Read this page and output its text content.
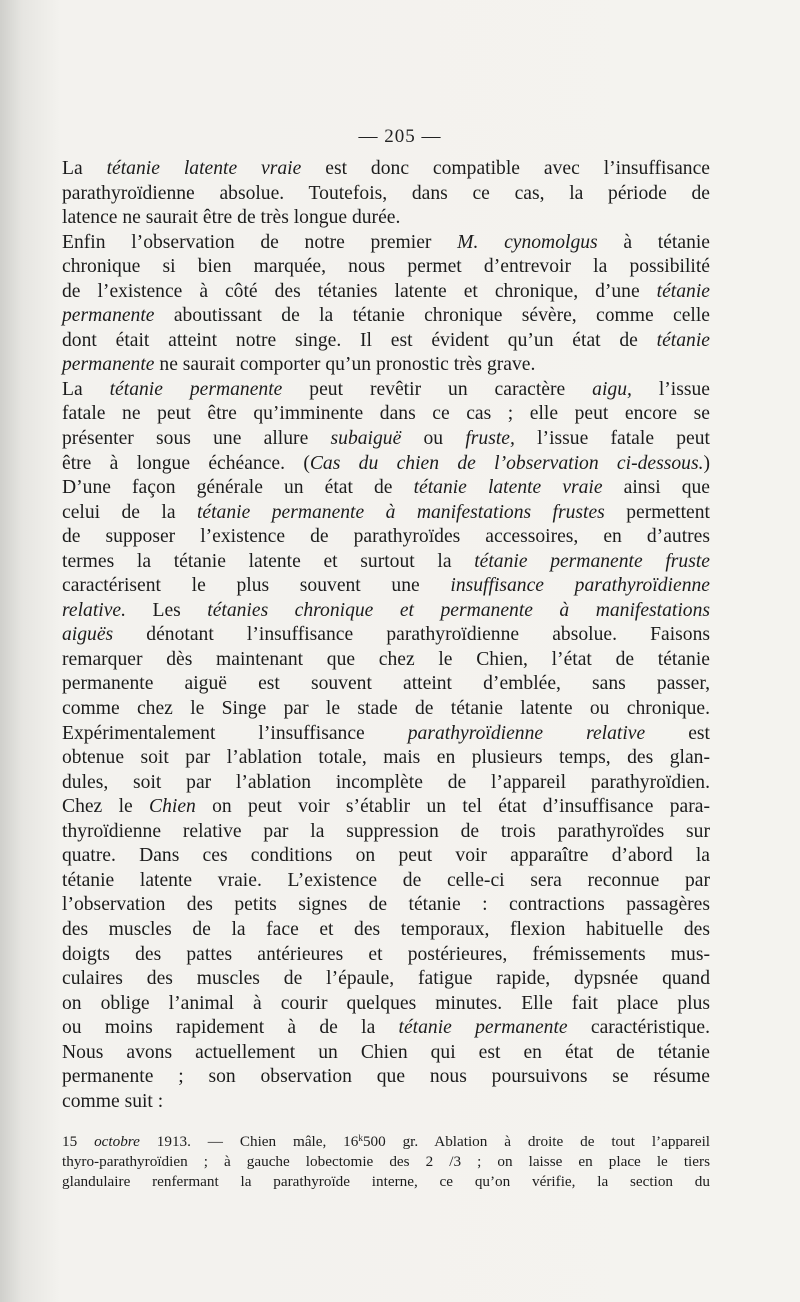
— 205 —
La tétanie latente vraie est donc compatible avec l’insuffisance
parathyroïdienne absolue. Toutefois, dans ce cas, la période de
latence ne saurait être de très longue durée.
Enfin l’observation de notre premier M. cynomolgus à tétanie
chronique si bien marquée, nous permet d’entrevoir la possibilité
de l’existence à côté des tétanies latente et chronique, d’une tétanie
permanente aboutissant de la tétanie chronique sévère, comme celle
dont était atteint notre singe. Il est évident qu’un état de tétanie
permanente ne saurait comporter qu’un pronostic très grave.
La tétanie permanente peut revêtir un caractère aigu, l’issue
fatale ne peut être qu’imminente dans ce cas ; elle peut encore se
présenter sous une allure subaiguë ou fruste, l’issue fatale peut
être à longue échéance. (Cas du chien de l’observation ci-dessous.)
D’une façon générale un état de tétanie latente vraie ainsi que
celui de la tétanie permanente à manifestations frustes permettent
de supposer l’existence de parathyroïdes accessoires, en d’autres
termes la tétanie latente et surtout la tétanie permanente fruste
caractérisent le plus souvent une insuffisance parathyroïdienne
relative. Les tétanies chronique et permanente à manifestations
aiguës dénotant l’insuffisance parathyroïdienne absolue. Faisons
remarquer dès maintenant que chez le Chien, l’état de tétanie
permanente aiguë est souvent atteint d’emblée, sans passer,
comme chez le Singe par le stade de tétanie latente ou chronique.
Expérimentalement l’insuffisance parathyroïdienne relative est
obtenue soit par l’ablation totale, mais en plusieurs temps, des glan-
dules, soit par l’ablation incomplète de l’appareil parathyroïdien.
Chez le Chien on peut voir s’établir un tel état d’insuffisance para-
thyroïdienne relative par la suppression de trois parathyroïdes sur
quatre. Dans ces conditions on peut voir apparaître d’abord la
tétanie latente vraie. L’existence de celle-ci sera reconnue par
l’observation des petits signes de tétanie : contractions passagères
des muscles de la face et des temporaux, flexion habituelle des
doigts des pattes antérieures et postérieures, frémissements mus-
culaires des muscles de l’épaule, fatigue rapide, dypsnée quand
on oblige l’animal à courir quelques minutes. Elle fait place plus
ou moins rapidement à de la tétanie permanente caractéristique.
Nous avons actuellement un Chien qui est en état de tétanie
permanente ; son observation que nous poursuivons se résume
comme suit :
15 octobre 1913. — Chien mâle, 16$^k$500 gr. Ablation à droite de tout l’appareil
thyro-parathyroïdien ; à gauche lobectomie des 2 /3 ; on laisse en place le tiers
glandulaire renfermant la parathyroïde interne, ce qu’on vérifie, la section du
